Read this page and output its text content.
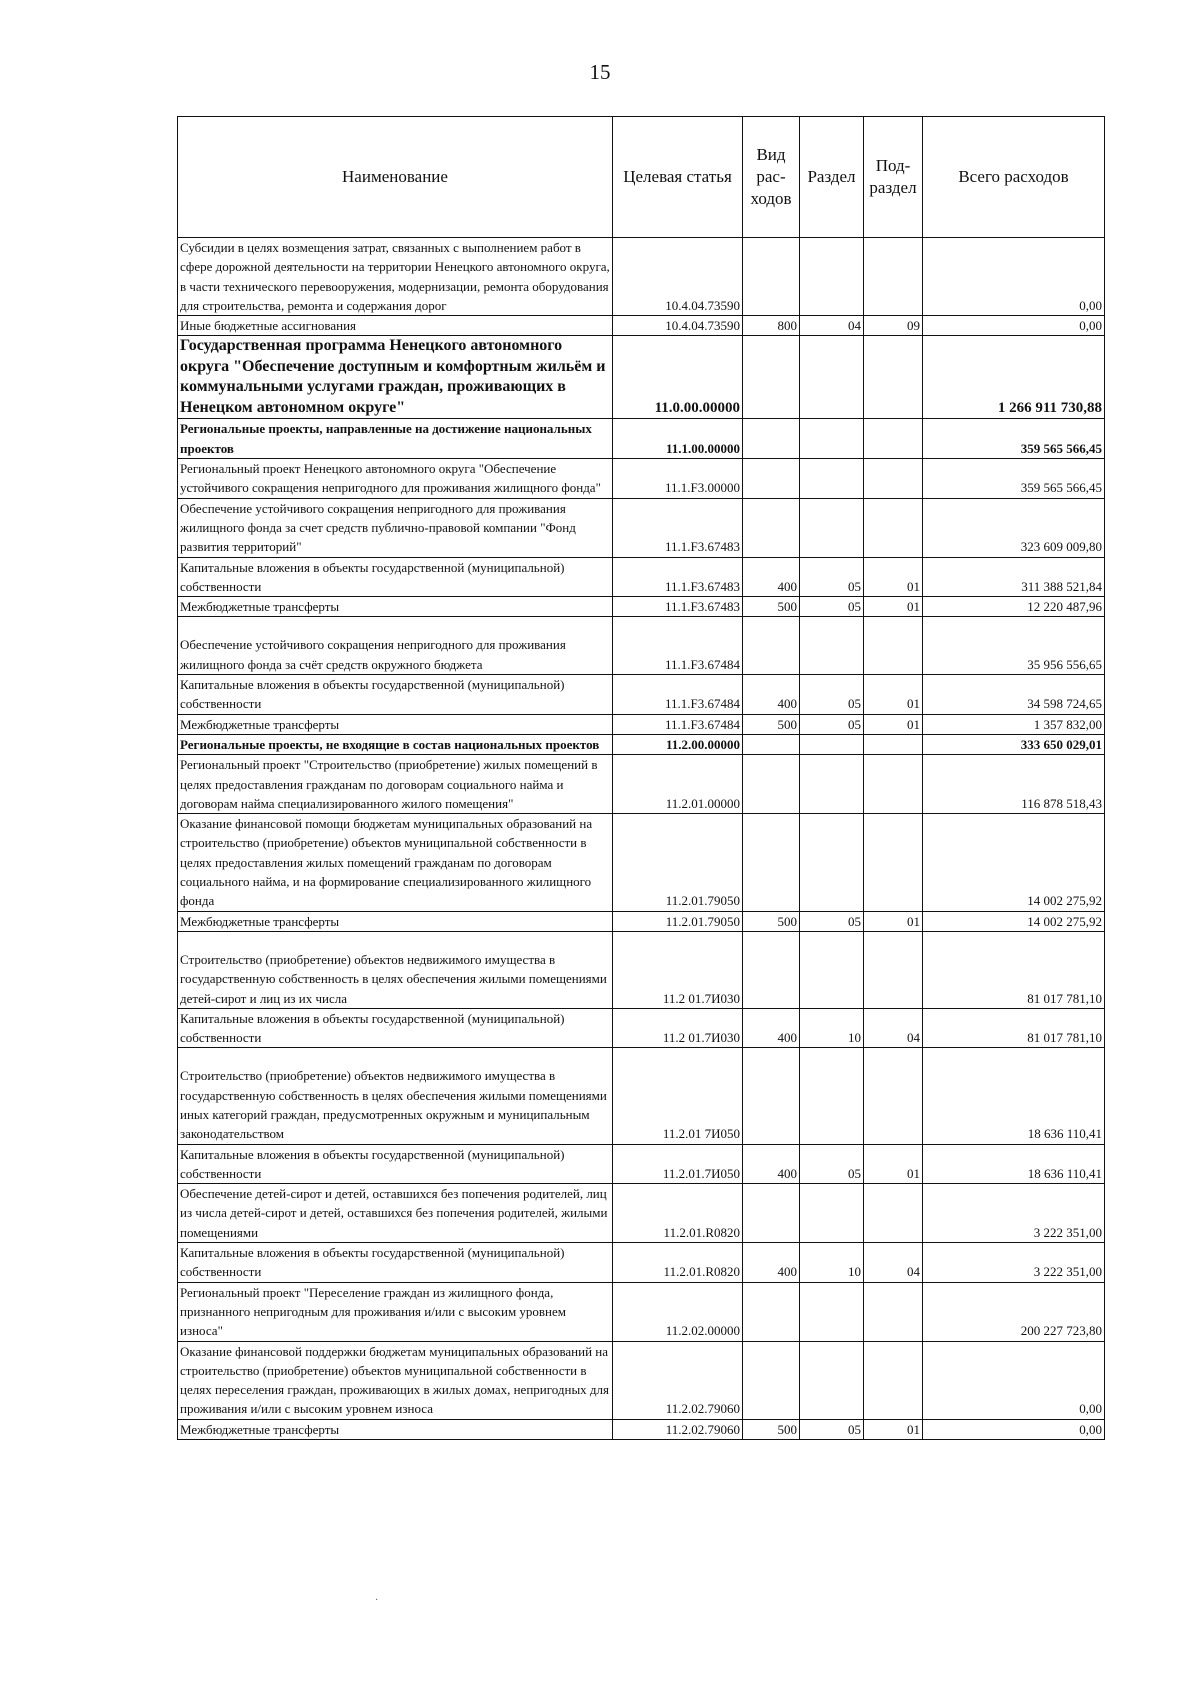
15
Наименование	Целевая статья	Вид рас-ходов	Раздел	Под-раздел	Всего расходов
Субсидии в целях возмещения затрат, связанных с выполнением работ в сфере дорожной деятельности на территории Ненецкого автономного округа, в части технического перевооружения, модернизации, ремонта оборудования для строительства, ремонта и содержания дорог	10.4.04.73590				0,00
Иные бюджетные ассигнования	10.4.04.73590	800	04	09	0,00
Государственная программа Ненецкого автономного округа "Обеспечение доступным и комфортным жильём и коммунальными услугами граждан, проживающих в Ненецком автономном округе"	11.0.00.00000				1 266 911 730,88
Региональные проекты, направленные на достижение национальных проектов	11.1.00.00000				359 565 566,45
Региональный проект Ненецкого автономного округа "Обеспечение устойчивого сокращения непригодного для проживания жилищного фонда"	11.1.F3.00000				359 565 566,45
Обеспечение устойчивого сокращения непригодного для проживания жилищного фонда за счет средств публично-правовой компании "Фонд развития территорий"	11.1.F3.67483				323 609 009,80
Капитальные вложения в объекты государственной (муниципальной) собственности	11.1.F3.67483	400	05	01	311 388 521,84
Межбюджетные трансферты	11.1.F3.67483	500	05	01	12 220 487,96
Обеспечение устойчивого сокращения непригодного для проживания жилищного фонда за счёт средств окружного бюджета	11.1.F3.67484				35 956 556,65
Капитальные вложения в объекты государственной (муниципальной) собственности	11.1.F3.67484	400	05	01	34 598 724,65
Межбюджетные трансферты	11.1.F3.67484	500	05	01	1 357 832,00
Региональные проекты, не входящие в состав национальных проектов	11.2.00.00000				333 650 029,01
Региональный проект "Строительство (приобретение) жилых помещений в целях предоставления гражданам по договорам социального найма и договорам найма специализированного жилого помещения"	11.2.01.00000				116 878 518,43
Оказание финансовой помощи бюджетам муниципальных образований на строительство (приобретение) объектов муниципальной собственности в целях предоставления жилых помещений гражданам по договорам социального найма, и на формирование специализированного жилищного фонда	11.2.01.79050				14 002 275,92
Межбюджетные трансферты	11.2.01.79050	500	05	01	14 002 275,92
Строительство (приобретение) объектов недвижимого имущества в государственную собственность в целях обеспечения жилыми помещениями детей-сирот и лиц из их числа	11.2 01.7И030				81 017 781,10
Капитальные вложения в объекты государственной (муниципальной) собственности	11.2 01.7И030	400	10	04	81 017 781,10
Строительство (приобретение) объектов недвижимого имущества в государственную собственность в целях обеспечения жилыми помещениями иных категорий граждан, предусмотренных окружным и муниципальным законодательством	11.2.01 7И050				18 636 110,41
Капитальные вложения в объекты государственной (муниципальной) собственности	11.2.01.7И050	400	05	01	18 636 110,41
Обеспечение детей-сирот и детей, оставшихся без попечения родителей, лиц из числа детей-сирот и детей, оставшихся без попечения родителей, жилыми помещениями	11.2.01.R0820				3 222 351,00
Капитальные вложения в объекты государственной (муниципальной) собственности	11.2.01.R0820	400	10	04	3 222 351,00
Региональный проект "Переселение граждан из жилищного фонда, признанного непригодным для проживания и/или с высоким уровнем износа"	11.2.02.00000				200 227 723,80
Оказание финансовой поддержки бюджетам муниципальных образований на строительство (приобретение) объектов муниципальной собственности в целях переселения граждан, проживающих в жилых домах, непригодных для проживания и/или с высоким уровнем износа	11.2.02.79060				0,00
Межбюджетные трансферты	11.2.02.79060	500	05	01	0,00
·
